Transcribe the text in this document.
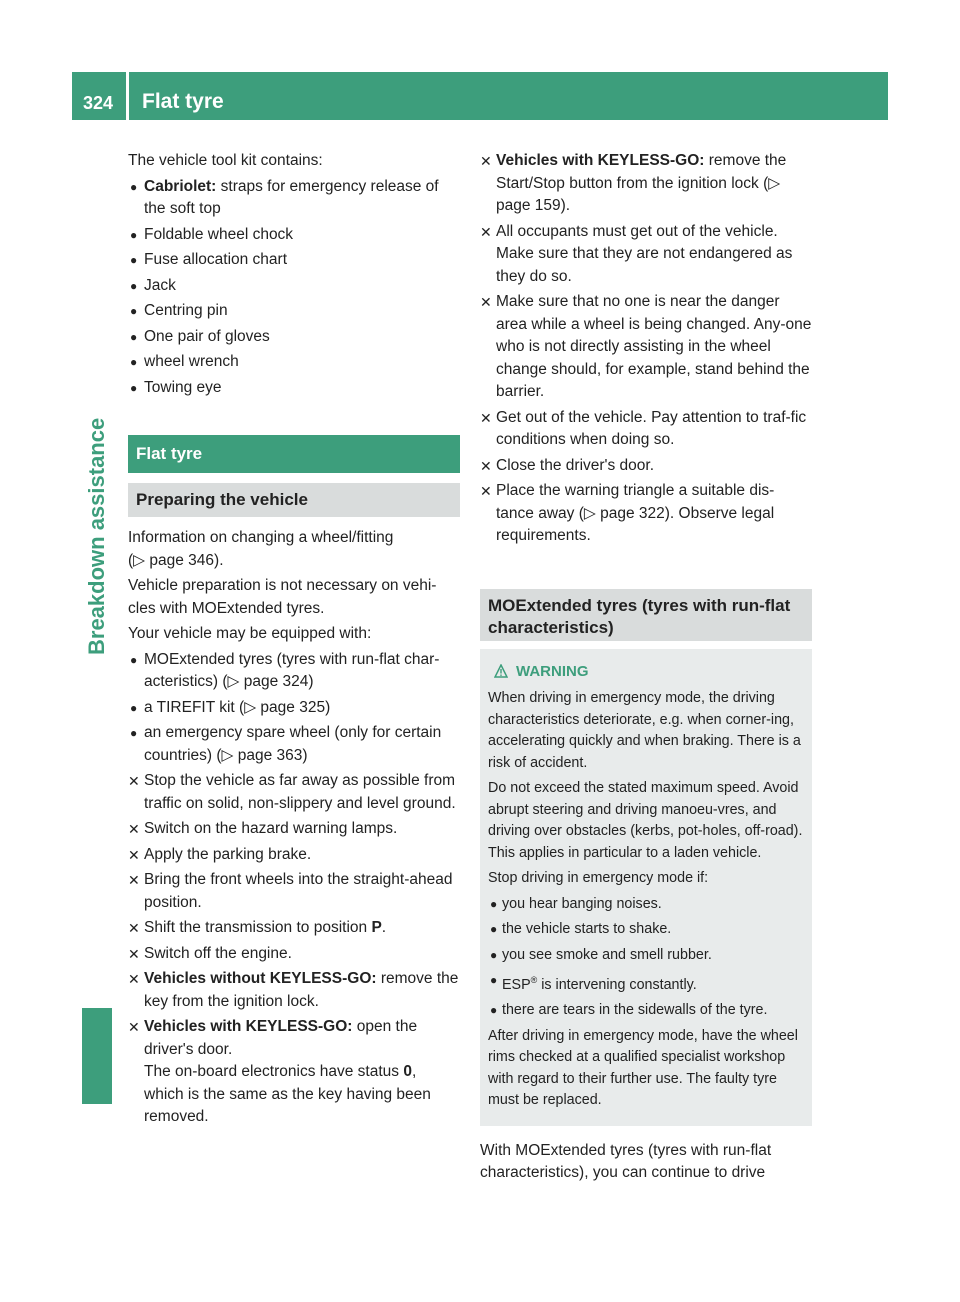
324 Flat tyre
Breakdown assistance

The vehicle tool kit contains:

● Cabriolet: straps for emergency release of the soft top
● Foldable wheel chock
● Fuse allocation chart
● Jack
● Centring pin
● One pair of gloves
● wheel wrench
● Towing eye
Flat tyre
Preparing the vehicle

Information on changing a wheel/fitting
(▷ page 346).

Vehicle preparation is not necessary on vehi-cles with MOExtended tyres.

Your vehicle may be equipped with:

● MOExtended tyres (tyres with run-flat char-acteristics) (▷ page 324)
● a TIREFIT kit (▷ page 325)
● an emergency spare wheel (only for certain countries) (▷ page 363)
✕ Stop the vehicle as far away as possible from traffic on solid, non-slippery and level ground.
✕ Switch on the hazard warning lamps.
✕ Apply the parking brake.
✕ Bring the front wheels into the straight-ahead position.
✕ Shift the transmission to position P.
✕ Switch off the engine.
✕ Vehicles without KEYLESS-GO: remove the key from the ignition lock.
✕ Vehicles with KEYLESS-GO: open the driver's door.
The on-board electronics have status 0, which is the same as the key having been removed.
✕ Vehicles with KEYLESS-GO: remove the Start/Stop button from the ignition lock (▷ page 159).
✕ All occupants must get out of the vehicle. Make sure that they are not endangered as they do so.
✕ Make sure that no one is near the danger area while a wheel is being changed. Any-one who is not directly assisting in the wheel change should, for example, stand behind the barrier.
✕ Get out of the vehicle. Pay attention to traf-fic conditions when doing so.
✕ Close the driver's door.
✕ Place the warning triangle a suitable dis-tance away (▷ page 322). Observe legal requirements.
MOExtended tyres (tyres with run-flat characteristics)
WARNING

When driving in emergency mode, the driving characteristics deteriorate, e.g. when corner-ing, accelerating quickly and when braking. There is a risk of accident.

Do not exceed the stated maximum speed. Avoid abrupt steering and driving manoeu-vres, and driving over obstacles (kerbs, pot-holes, off-road). This applies in particular to a laden vehicle.

Stop driving in emergency mode if:

● you hear banging noises.
● the vehicle starts to shake.
● you see smoke and smell rubber.
● ESP® is intervening constantly.
● there are tears in the sidewalls of the tyre.

After driving in emergency mode, have the wheel rims checked at a qualified specialist workshop with regard to their further use. The faulty tyre must be replaced.

With MOExtended tyres (tyres with run-flat characteristics), you can continue to drive
